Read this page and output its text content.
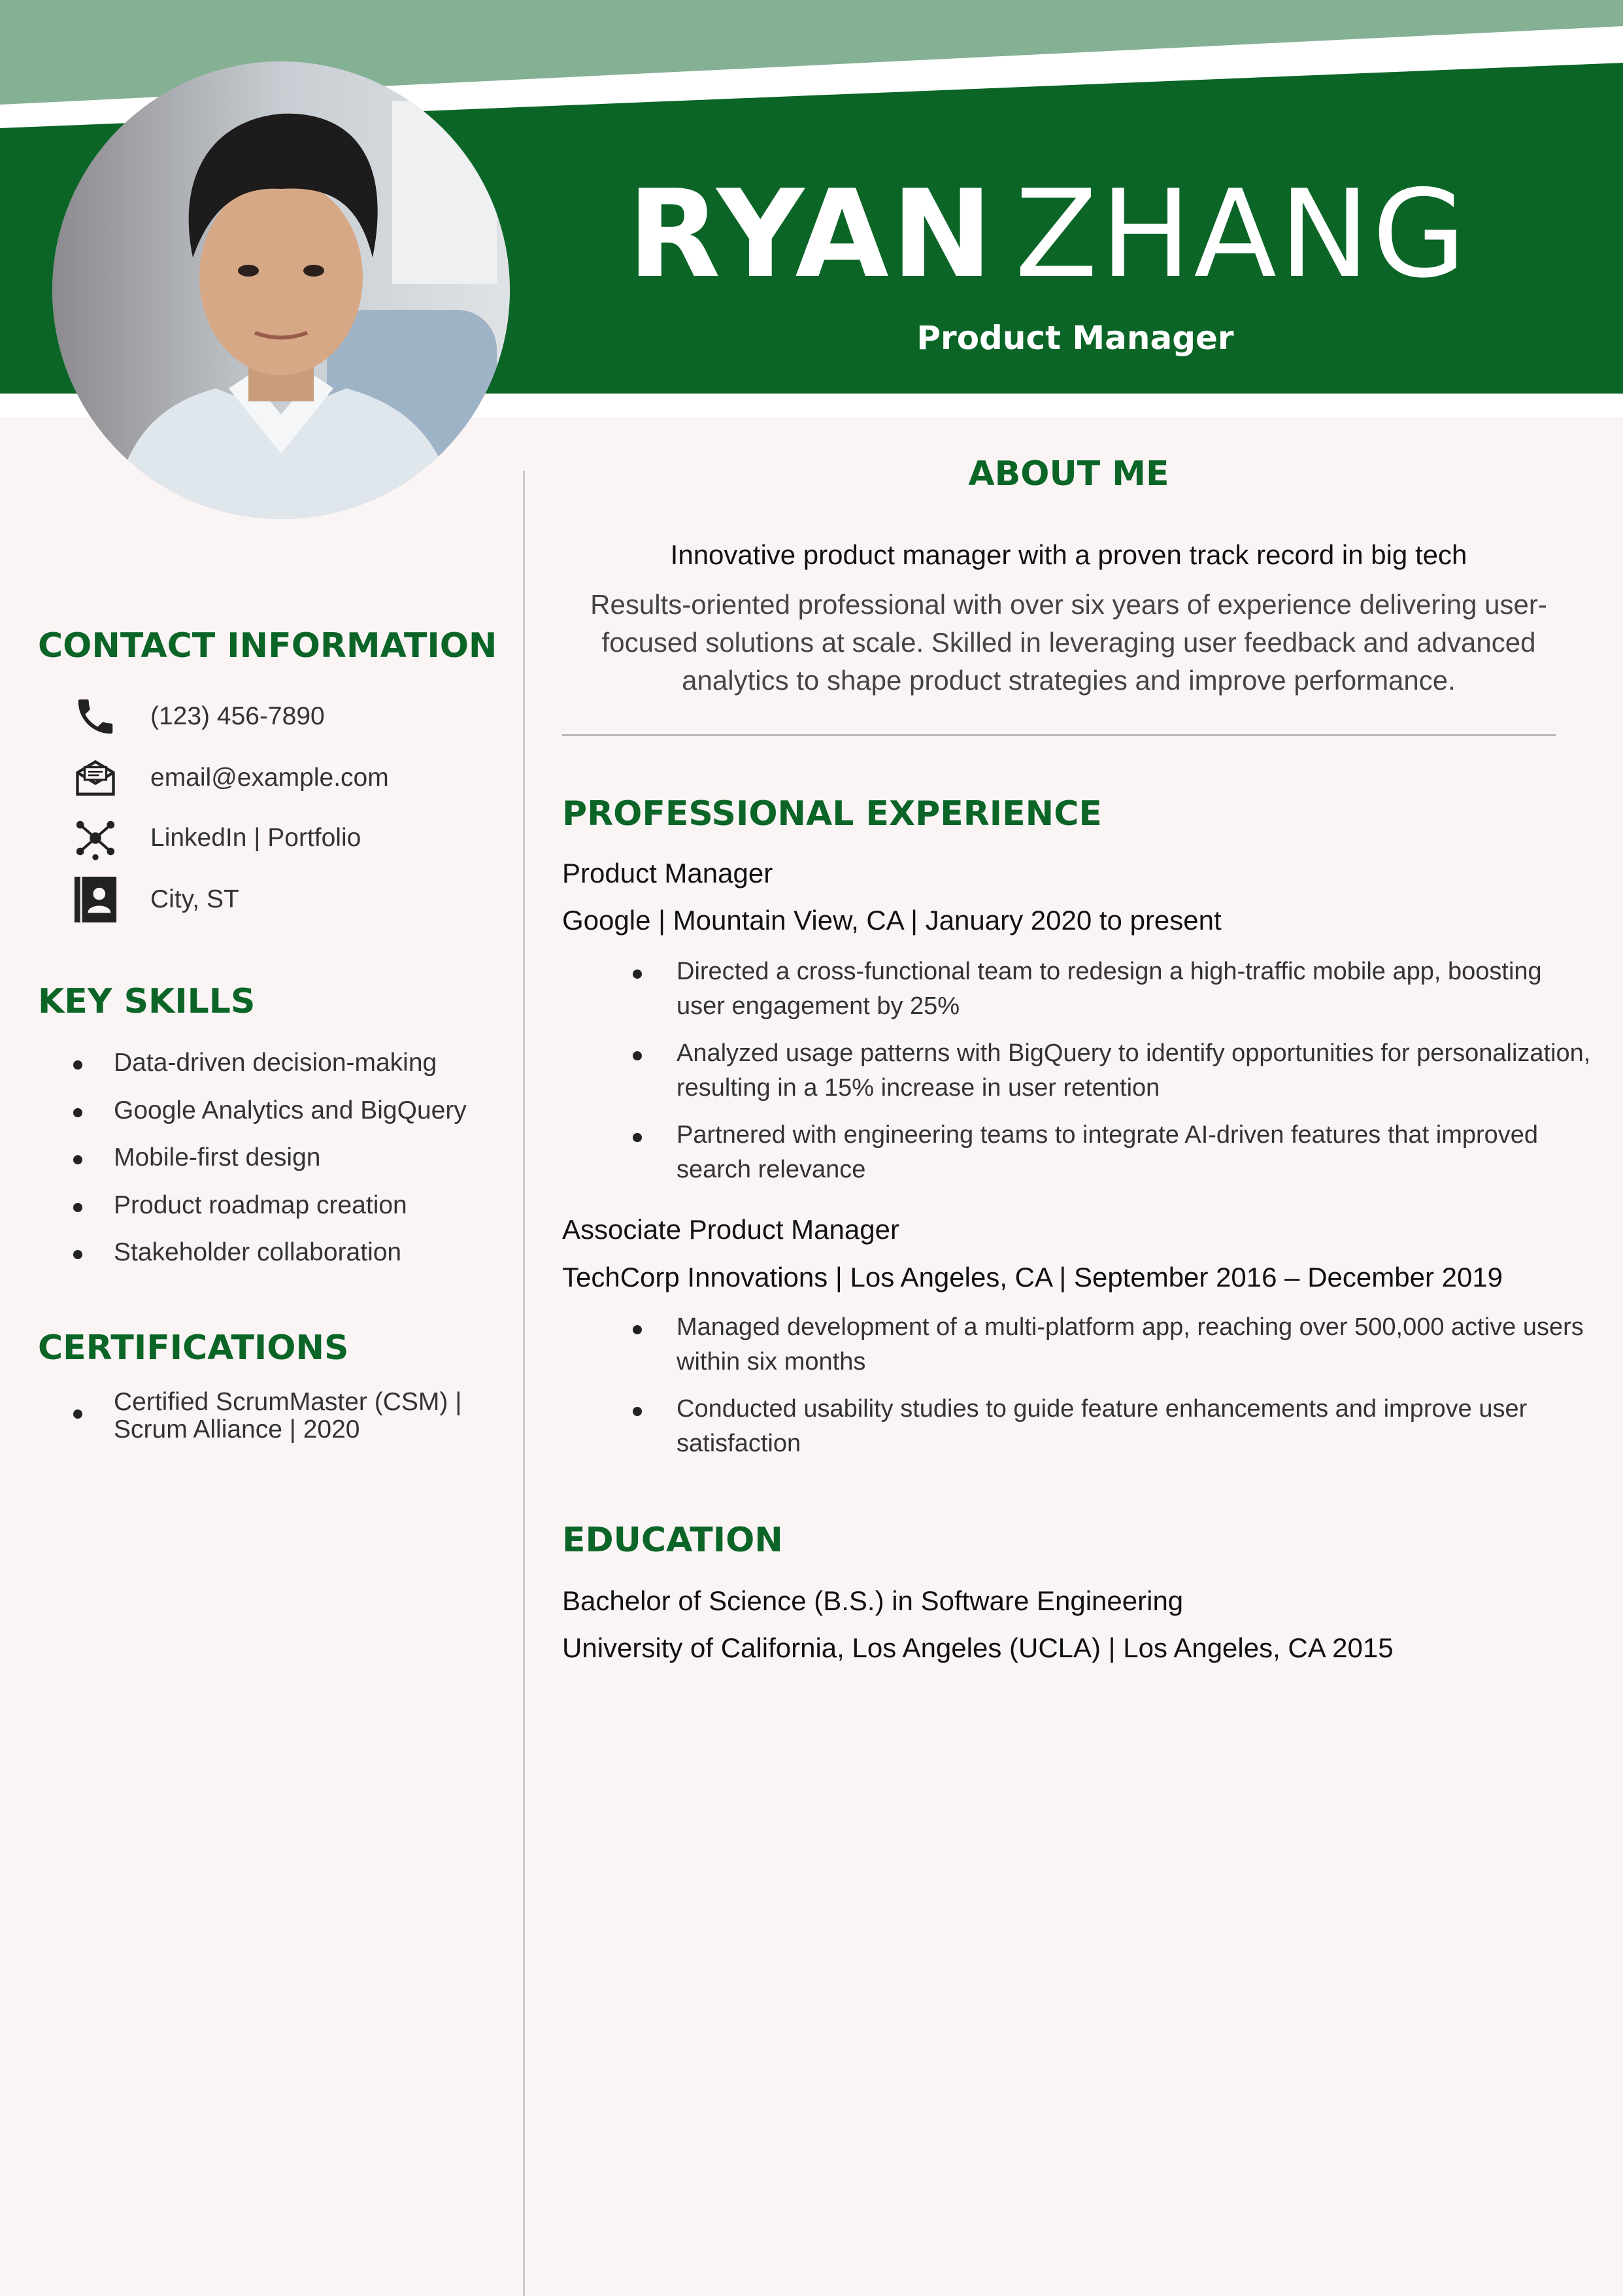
RYAN ZHANG
Product Manager
CONTACT INFORMATION
(123) 456-7890
email@example.com
LinkedIn | Portfolio
City, ST
KEY SKILLS
Data-driven decision-making
Google Analytics and BigQuery
Mobile-first design
Product roadmap creation
Stakeholder collaboration
CERTIFICATIONS
Certified ScrumMaster (CSM) | Scrum Alliance | 2020
ABOUT ME
Innovative product manager with a proven track record in big tech
Results-oriented professional with over six years of experience delivering user-focused solutions at scale. Skilled in leveraging user feedback and advanced analytics to shape product strategies and improve performance.
PROFESSIONAL EXPERIENCE
Product Manager
Google | Mountain View, CA | January 2020 to present
Directed a cross-functional team to redesign a high-traffic mobile app, boosting user engagement by 25%
Analyzed usage patterns with BigQuery to identify opportunities for personalization, resulting in a 15% increase in user retention
Partnered with engineering teams to integrate AI-driven features that improved search relevance
Associate Product Manager
TechCorp Innovations | Los Angeles, CA | September 2016 – December 2019
Managed development of a multi-platform app, reaching over 500,000 active users within six months
Conducted usability studies to guide feature enhancements and improve user satisfaction
EDUCATION
Bachelor of Science (B.S.) in Software Engineering
University of California, Los Angeles (UCLA) | Los Angeles, CA 2015
